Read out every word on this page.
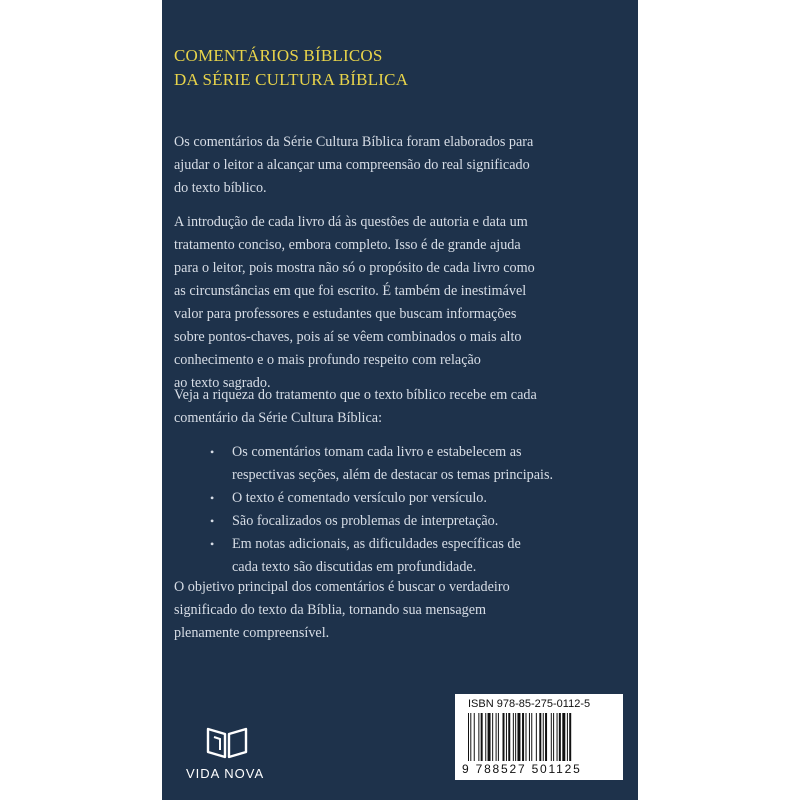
COMENTÁRIOS BÍBLICOS
DA SÉRIE CULTURA BÍBLICA
Os comentários da Série Cultura Bíblica foram elaborados para
ajudar o leitor a alcançar uma compreensão do real significado
do texto bíblico.
A introdução de cada livro dá às questões de autoria e data um
tratamento conciso, embora completo. Isso é de grande ajuda
para o leitor, pois mostra não só o propósito de cada livro como
as circunstâncias em que foi escrito. É também de inestimável
valor para professores e estudantes que buscam informações
sobre pontos-chaves, pois aí se vêem combinados o mais alto
conhecimento e o mais profundo respeito com relação
ao texto sagrado.
Veja a riqueza do tratamento que o texto bíblico recebe em cada
comentário da Série Cultura Bíblica:
• Os comentários tomam cada livro e estabelecem as
respectivas seções, além de destacar os temas principais.
• O texto é comentado versículo por versículo.
• São focalizados os problemas de interpretação.
• Em notas adicionais, as dificuldades específicas de
cada texto são discutidas em profundidade.
O objetivo principal dos comentários é buscar o verdadeiro
significado do texto da Bíblia, tornando sua mensagem
plenamente compreensível.
VIDA NOVA
ISBN 978-85-275-0112-5
9 788527 501125
